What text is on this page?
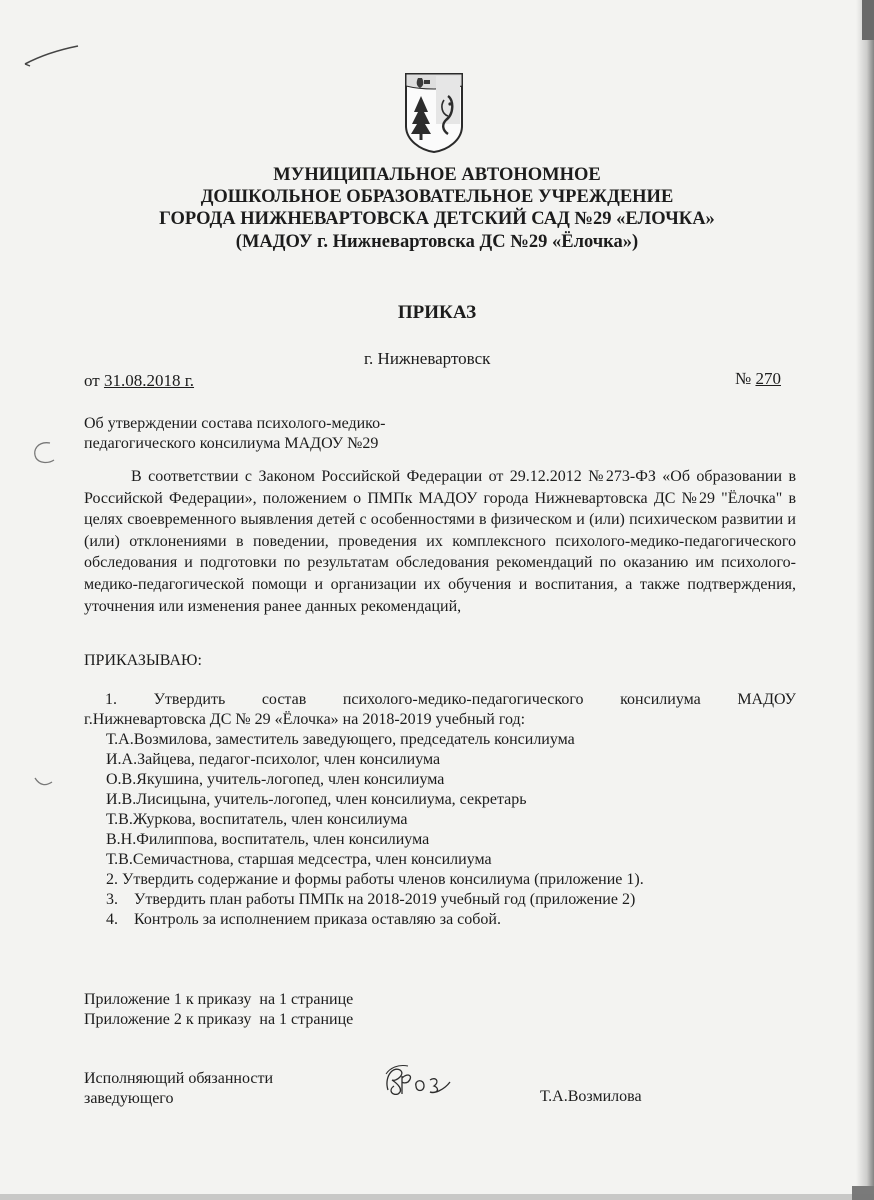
МУНИЦИПАЛЬНОЕ АВТОНОМНОЕ
ДОШКОЛЬНОЕ ОБРАЗОВАТЕЛЬНОЕ УЧРЕЖДЕНИЕ
ГОРОДА НИЖНЕВАРТОВСКА ДЕТСКИЙ САД №29 «ЕЛОЧКА»
(МАДОУ г. Нижневартовска ДС №29 «Ёлочка»)
ПРИКАЗ
г. Нижневартовск
от 31.08.2018 г.	№ 270
Об утверждении состава психолого-медико-
педагогического консилиума МАДОУ №29
В соответствии с Законом Российской Федерации от 29.12.2012 №273-ФЗ «Об образовании в Российской Федерации», положением о ПМПк МАДОУ города Нижневартовска ДС №29 "Ёлочка" в целях своевременного выявления детей с особенностями в физическом и (или) психическом развитии и (или) отклонениями в поведении, проведения их комплексного психолого-медико-педагогического обследования и подготовки по результатам обследования рекомендаций по оказанию им психолого-медико-педагогической помощи и организации их обучения и воспитания, а также подтверждения, уточнения или изменения ранее данных рекомендаций,
ПРИКАЗЫВАЮ:
1. Утвердить состав психолого-медико-педагогического консилиума МАДОУ
г.Нижневартовска ДС № 29 «Ёлочка» на 2018-2019 учебный год:
Т.А.Возмилова, заместитель заведующего, председатель консилиума
И.А.Зайцева, педагог-психолог, член консилиума
О.В.Якушина, учитель-логопед, член консилиума
И.В.Лисицына, учитель-логопед, член консилиума, секретарь
Т.В.Журкова, воспитатель, член консилиума
В.Н.Филиппова, воспитатель, член консилиума
Т.В.Семичастнова, старшая медсестра, член консилиума
2. Утвердить содержание и формы работы членов консилиума (приложение 1).
3.    Утвердить план работы ПМПк на 2018-2019 учебный год (приложение 2)
4.    Контроль за исполнением приказа оставляю за собой.
Приложение 1 к приказу  на 1 странице
Приложение 2 к приказу  на 1 странице
Исполняющий обязанности
заведующего	Т.А.Возмилова
